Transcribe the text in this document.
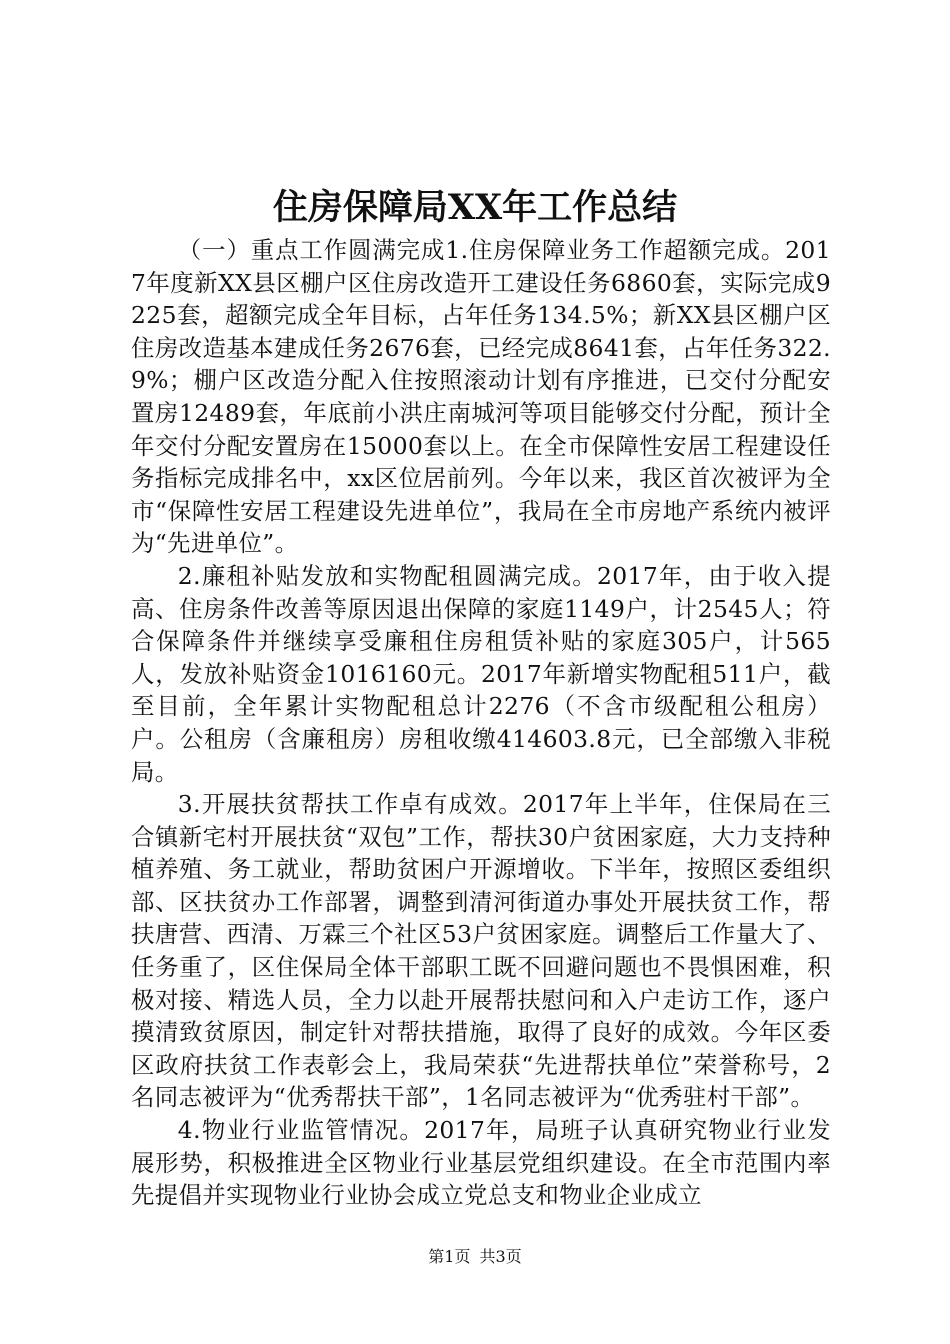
住房保障局XX年工作总结

（一）重点工作圆满完成1.住房保障业务工作超额完成。2017年度新XX县区棚户区住房改造开工建设任务6860套，实际完成9225套，超额完成全年目标，占年任务134.5%；新XX县区棚户区住房改造基本建成任务2676套，已经完成8641套，占年任务322.9%；棚户区改造分配入住按照滚动计划有序推进，已交付分配安置房12489套，年底前小洪庄南城河等项目能够交付分配，预计全年交付分配安置房在15000套以上。在全市保障性安居工程建设任务指标完成排名中，xx区位居前列。今年以来，我区首次被评为全市“保障性安居工程建设先进单位”，我局在全市房地产系统内被评为“先进单位”。

2.廉租补贴发放和实物配租圆满完成。2017年，由于收入提高、住房条件改善等原因退出保障的家庭1149户，计2545人；符合保障条件并继续享受廉租住房租赁补贴的家庭305户，计565人，发放补贴资金1016160元。2017年新增实物配租511户，截至目前，全年累计实物配租总计2276（不含市级配租公租房）户。公租房（含廉租房）房租收缴414603.8元，已全部缴入非税局。

3.开展扶贫帮扶工作卓有成效。2017年上半年，住保局在三合镇新宅村开展扶贫“双包”工作，帮扶30户贫困家庭，大力支持种植养殖、务工就业，帮助贫困户开源增收。下半年，按照区委组织部、区扶贫办工作部署，调整到清河街道办事处开展扶贫工作，帮扶唐营、西清、万霖三个社区53户贫困家庭。调整后工作量大了、任务重了，区住保局全体干部职工既不回避问题也不畏惧困难，积极对接、精选人员，全力以赴开展帮扶慰问和入户走访工作，逐户摸清致贫原因，制定针对帮扶措施，取得了良好的成效。今年区委区政府扶贫工作表彰会上，我局荣获“先进帮扶单位”荣誉称号，2名同志被评为“优秀帮扶干部”，1名同志被评为“优秀驻村干部”。

4.物业行业监管情况。2017年，局班子认真研究物业行业发展形势，积极推进全区物业行业基层党组织建设。在全市范围内率先提倡并实现物业行业协会成立党总支和物业企业成立

第1页 共3页
